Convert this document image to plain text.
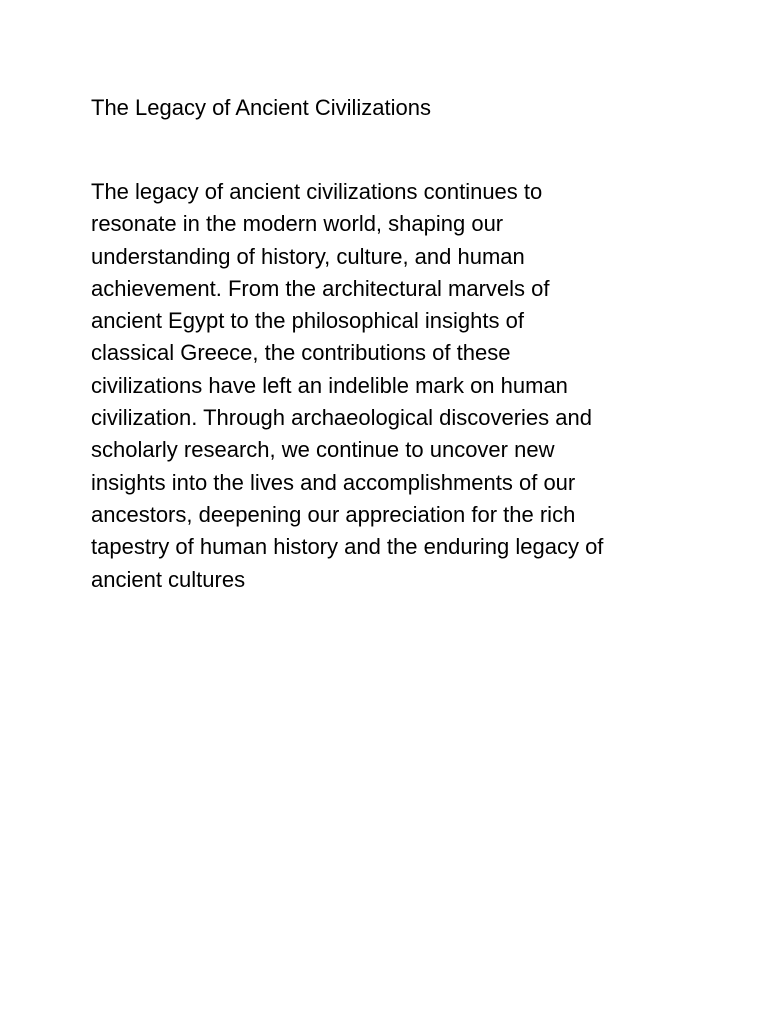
The Legacy of Ancient Civilizations

The legacy of ancient civilizations continues to
resonate in the modern world, shaping our
understanding of history, culture, and human
achievement. From the architectural marvels of
ancient Egypt to the philosophical insights of
classical Greece, the contributions of these
civilizations have left an indelible mark on human
civilization. Through archaeological discoveries and
scholarly research, we continue to uncover new
insights into the lives and accomplishments of our
ancestors, deepening our appreciation for the rich
tapestry of human history and the enduring legacy of
ancient cultures
